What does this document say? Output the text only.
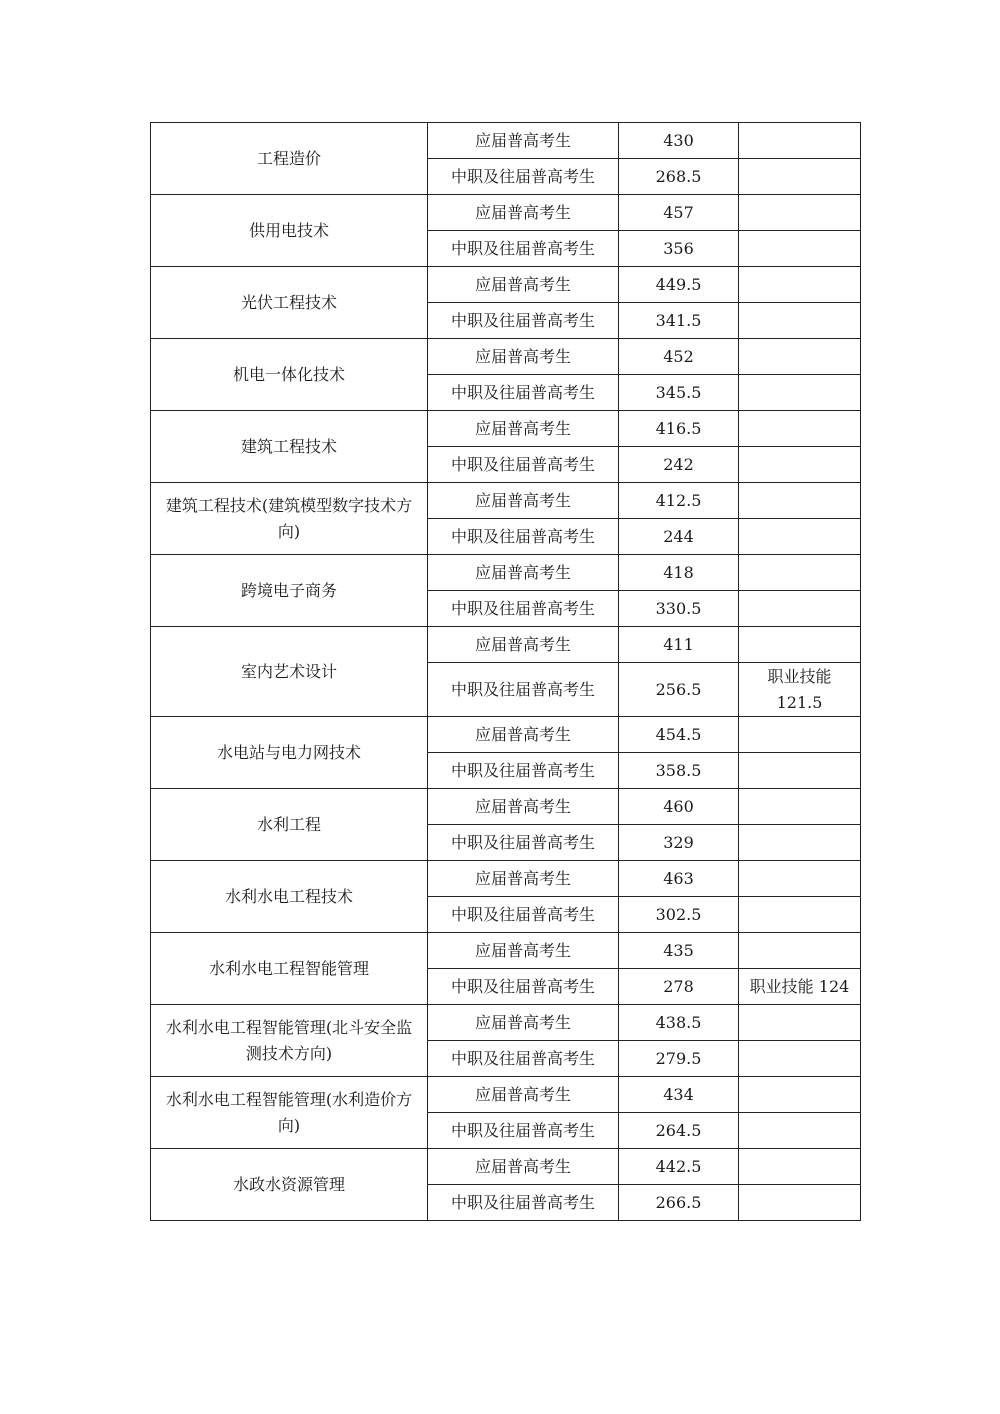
工程造价	应届普高考生	430	
	中职及往届普高考生	268.5	
供用电技术	应届普高考生	457	
	中职及往届普高考生	356	
光伏工程技术	应届普高考生	449.5	
	中职及往届普高考生	341.5	
机电一体化技术	应届普高考生	452	
	中职及往届普高考生	345.5	
建筑工程技术	应届普高考生	416.5	
	中职及往届普高考生	242	
建筑工程技术(建筑模型数字技术方向)	应届普高考生	412.5	
	中职及往届普高考生	244	
跨境电子商务	应届普高考生	418	
	中职及往届普高考生	330.5	
室内艺术设计	应届普高考生	411	
	中职及往届普高考生	256.5	职业技能 121.5
水电站与电力网技术	应届普高考生	454.5	
	中职及往届普高考生	358.5	
水利工程	应届普高考生	460	
	中职及往届普高考生	329	
水利水电工程技术	应届普高考生	463	
	中职及往届普高考生	302.5	
水利水电工程智能管理	应届普高考生	435	
	中职及往届普高考生	278	职业技能 124
水利水电工程智能管理(北斗安全监测技术方向)	应届普高考生	438.5	
	中职及往届普高考生	279.5	
水利水电工程智能管理(水利造价方向)	应届普高考生	434	
	中职及往届普高考生	264.5	
水政水资源管理	应届普高考生	442.5	
	中职及往届普高考生	266.5	
